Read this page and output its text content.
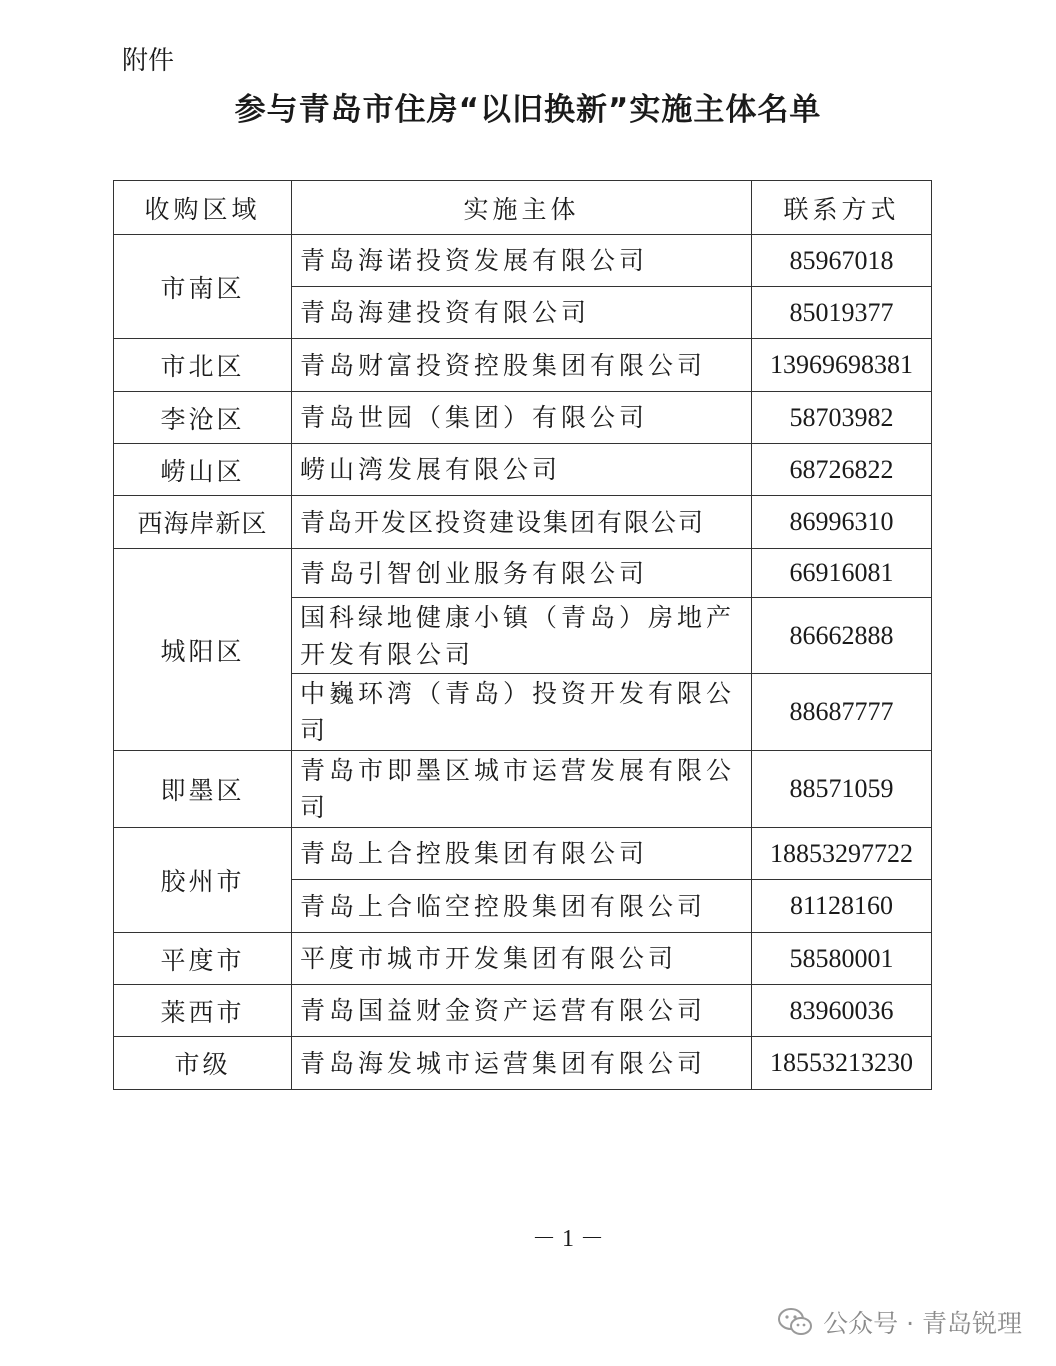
附件
参与青岛市住房“以旧换新”实施主体名单
收购区域	实施主体	联系方式
市南区	青岛海诺投资发展有限公司	85967018
	青岛海建投资有限公司	85019377
市北区	青岛财富投资控股集团有限公司	13969698381
李沧区	青岛世园（集团）有限公司	58703982
崂山区	崂山湾发展有限公司	68726822
西海岸新区	青岛开发区投资建设集团有限公司	86996310
城阳区	青岛引智创业服务有限公司	66916081
	国科绿地健康小镇（青岛）房地产开发有限公司	86662888
	中巍环湾（青岛）投资开发有限公司	88687777
即墨区	青岛市即墨区城市运营发展有限公司	88571059
胶州市	青岛上合控股集团有限公司	18853297722
	青岛上合临空控股集团有限公司	81128160
平度市	平度市城市开发集团有限公司	58580001
莱西市	青岛国益财金资产运营有限公司	83960036
市级	青岛海发城市运营集团有限公司	18553213230
－ 1 －
公众号 · 青岛锐理
